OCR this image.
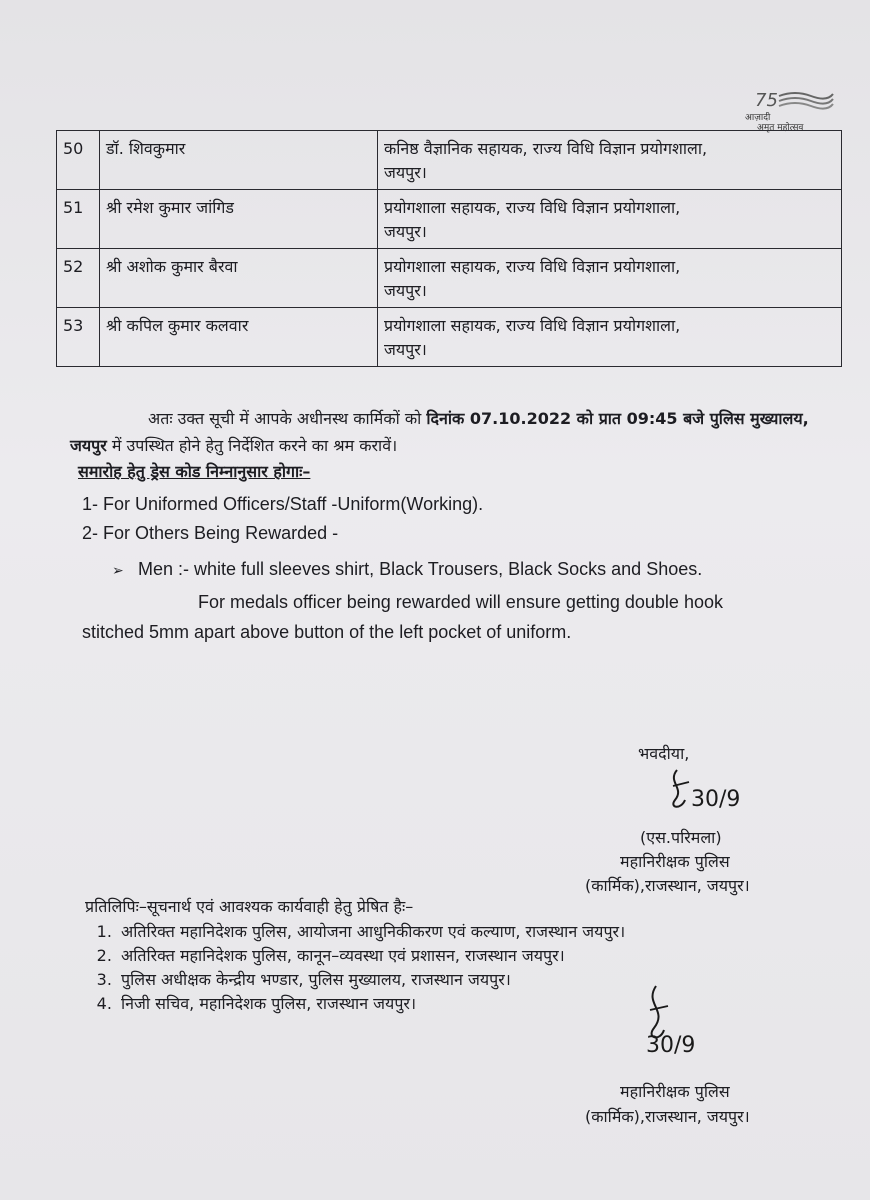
75
आज़ादी
अमृत महोत्सव
50	डॉ. शिवकुमार	कनिष्ठ वैज्ञानिक सहायक, राज्य विधि विज्ञान प्रयोगशाला,
जयपुर।

51	श्री रमेश कुमार जांगिड	प्रयोगशाला सहायक, राज्य विधि विज्ञान प्रयोगशाला,
जयपुर।

52	श्री अशोक कुमार बैरवा	प्रयोगशाला सहायक, राज्य विधि विज्ञान प्रयोगशाला,
जयपुर।

53	श्री कपिल कुमार कलवार	प्रयोगशाला सहायक, राज्य विधि विज्ञान प्रयोगशाला,
जयपुर।
अतः उक्त सूची में आपके अधीनस्थ कार्मिकों को दिनांक 07.10.2022 को प्रात 09:45 बजे पुलिस मुख्यालय, जयपुर में उपस्थित होने हेतु निर्देशित करने का श्रम करावें।
समारोह हेतु ड्रेस कोड निम्नानुसार होगाः–
1- For Uniformed Officers/Staff -Uniform(Working).
2- For Others Being Rewarded -
➢ Men :- white full sleeves shirt, Black Trousers, Black Socks and Shoes.
For medals officer being rewarded will ensure getting double hook
stitched 5mm apart above button of the left pocket of uniform.
भवदीया,
30/9
(एस.परिमला)
महानिरीक्षक पुलिस
(कार्मिक),राजस्थान, जयपुर।
प्रतिलिपिः–सूचनार्थ एवं आवश्यक कार्यवाही हेतु प्रेषित हैः–
1. अतिरिक्त महानिदेशक पुलिस, आयोजना आधुनिकीकरण एवं कल्याण, राजस्थान जयपुर।
2. अतिरिक्त महानिदेशक पुलिस, कानून–व्यवस्था एवं प्रशासन, राजस्थान जयपुर।
3. पुलिस अधीक्षक केन्द्रीय भण्डार, पुलिस मुख्यालय, राजस्थान जयपुर।
4. निजी सचिव, महानिदेशक पुलिस, राजस्थान जयपुर।
30/9
महानिरीक्षक पुलिस
(कार्मिक),राजस्थान, जयपुर।
